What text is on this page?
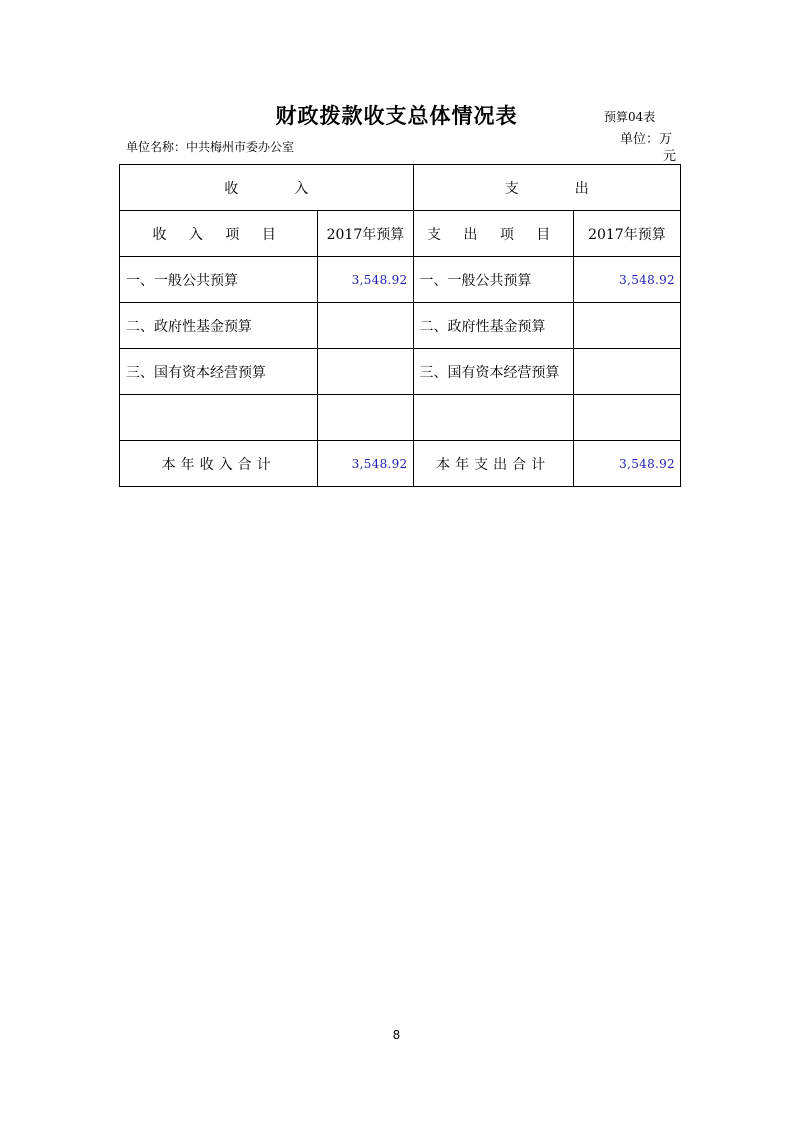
财政拨款收支总体情况表	预算04表
单位名称：中共梅州市委办公室	单位：万
元
收　　　　入		支　　　　出	
收 入 项 目	2017年预算	支 出 项 目	2017年预算
一、一般公共预算	3,548.92	一、一般公共预算	3,548.92
二、政府性基金预算		二、政府性基金预算	
三、国有资本经营预算		三、国有资本经营预算	

本年收入合计	3,548.92	本年支出合计	3,548.92
8
